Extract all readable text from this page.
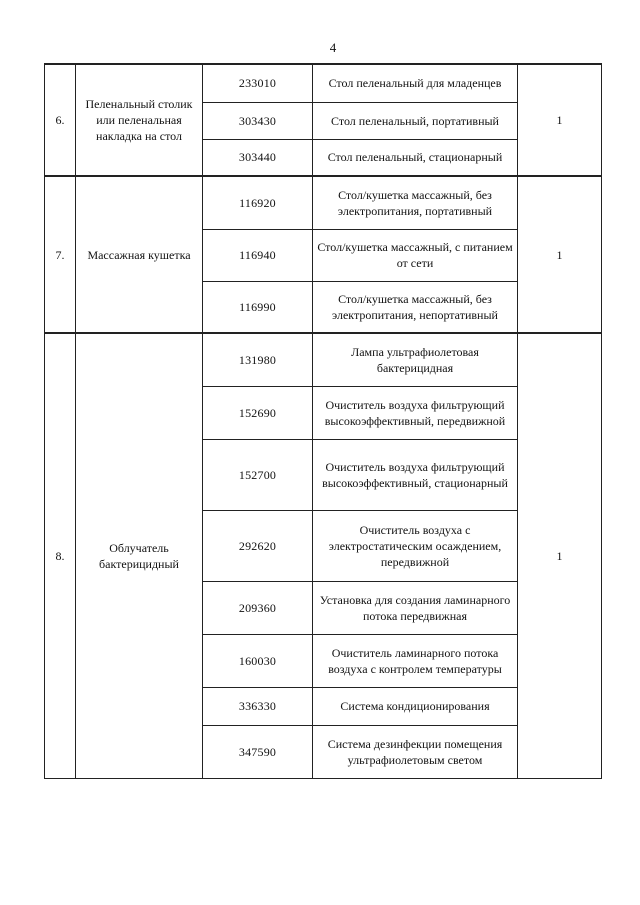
4
6.	Пеленальный столик или пеленальная накладка на стол	233010	Стол пеленальный для младенцев	1
		303430	Стол пеленальный, портативный	
		303440	Стол пеленальный, стационарный	
7.	Массажная кушетка	116920	Стол/кушетка массажный, без электропитания, портативный	1
		116940	Стол/кушетка массажный, с питанием от сети	
		116990	Стол/кушетка массажный, без электропитания, непортативный	
8.	Облучатель бактерицидный	131980	Лампа ультрафиолетовая бактерицидная	1
		152690	Очиститель воздуха фильтрующий высокоэффективный, передвижной	
		152700	Очиститель воздуха фильтрующий высокоэффективный, стационарный	
		292620	Очиститель воздуха с электростатическим осаждением, передвижной	
		209360	Установка для создания ламинарного потока передвижная	
		160030	Очиститель ламинарного потока воздуха с контролем температуры	
		336330	Система кондиционирования	
		347590	Система дезинфекции помещения ультрафиолетовым светом	
